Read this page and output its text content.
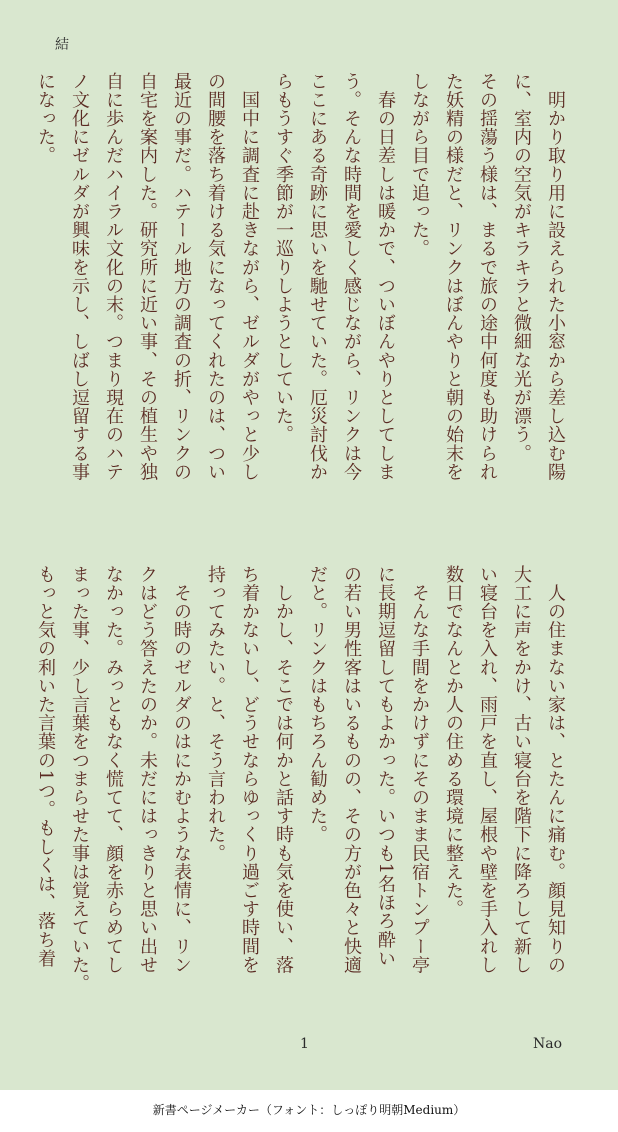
結
　明かり取り用に設えられた小窓から差し込む陽
に、室内の空気がキラキラと微細な光が漂う。
その揺蕩う様は、まるで旅の途中何度も助けられ
た妖精の様だと、リンクはぼんやりと朝の始末を
しながら目で追った。
　春の日差しは暖かで、ついぼんやりとしてしま
う。そんな時間を愛しく感じながら、リンクは今
ここにある奇跡に思いを馳せていた。厄災討伐か
らもうすぐ季節が一巡りしようとしていた。
　国中に調査に赴きながら、ゼルダがやっと少し
の間腰を落ち着ける気になってくれたのは、つい
最近の事だ。ハテール地方の調査の折、リンクの
自宅を案内した。研究所に近い事、その植生や独
自に歩んだハイラル文化の末。つまり現在のハテ
ノ文化にゼルダが興味を示し、しばし逗留する事
になった。
　人の住まない家は、とたんに痛む。顔見知りの
大工に声をかけ、古い寝台を階下に降ろして新し
い寝台を入れ、雨戸を直し、屋根や壁を手入れし
数日でなんとか人の住める環境に整えた。
　そんな手間をかけずにそのまま民宿トンプー亭
に長期逗留してもよかった。いつも1名ほろ酔い
の若い男性客はいるものの、その方が色々と快適
だと。リンクはもちろん勧めた。
　しかし、そこでは何かと話す時も気を使い、落
ち着かないし、どうせならゆっくり過ごす時間を
持ってみたい。と、そう言われた。
　その時のゼルダのはにかむような表情に、リン
クはどう答えたのか。未だにはっきりと思い出せ
なかった。みっともなく慌てて、顔を赤らめてし
まった事、少し言葉をつまらせた事は覚えていた。
もっと気の利いた言葉の1つ。もしくは、落ち着
1	Nao
新書ページメーカー（フォント：しっぽり明朝Medium）
